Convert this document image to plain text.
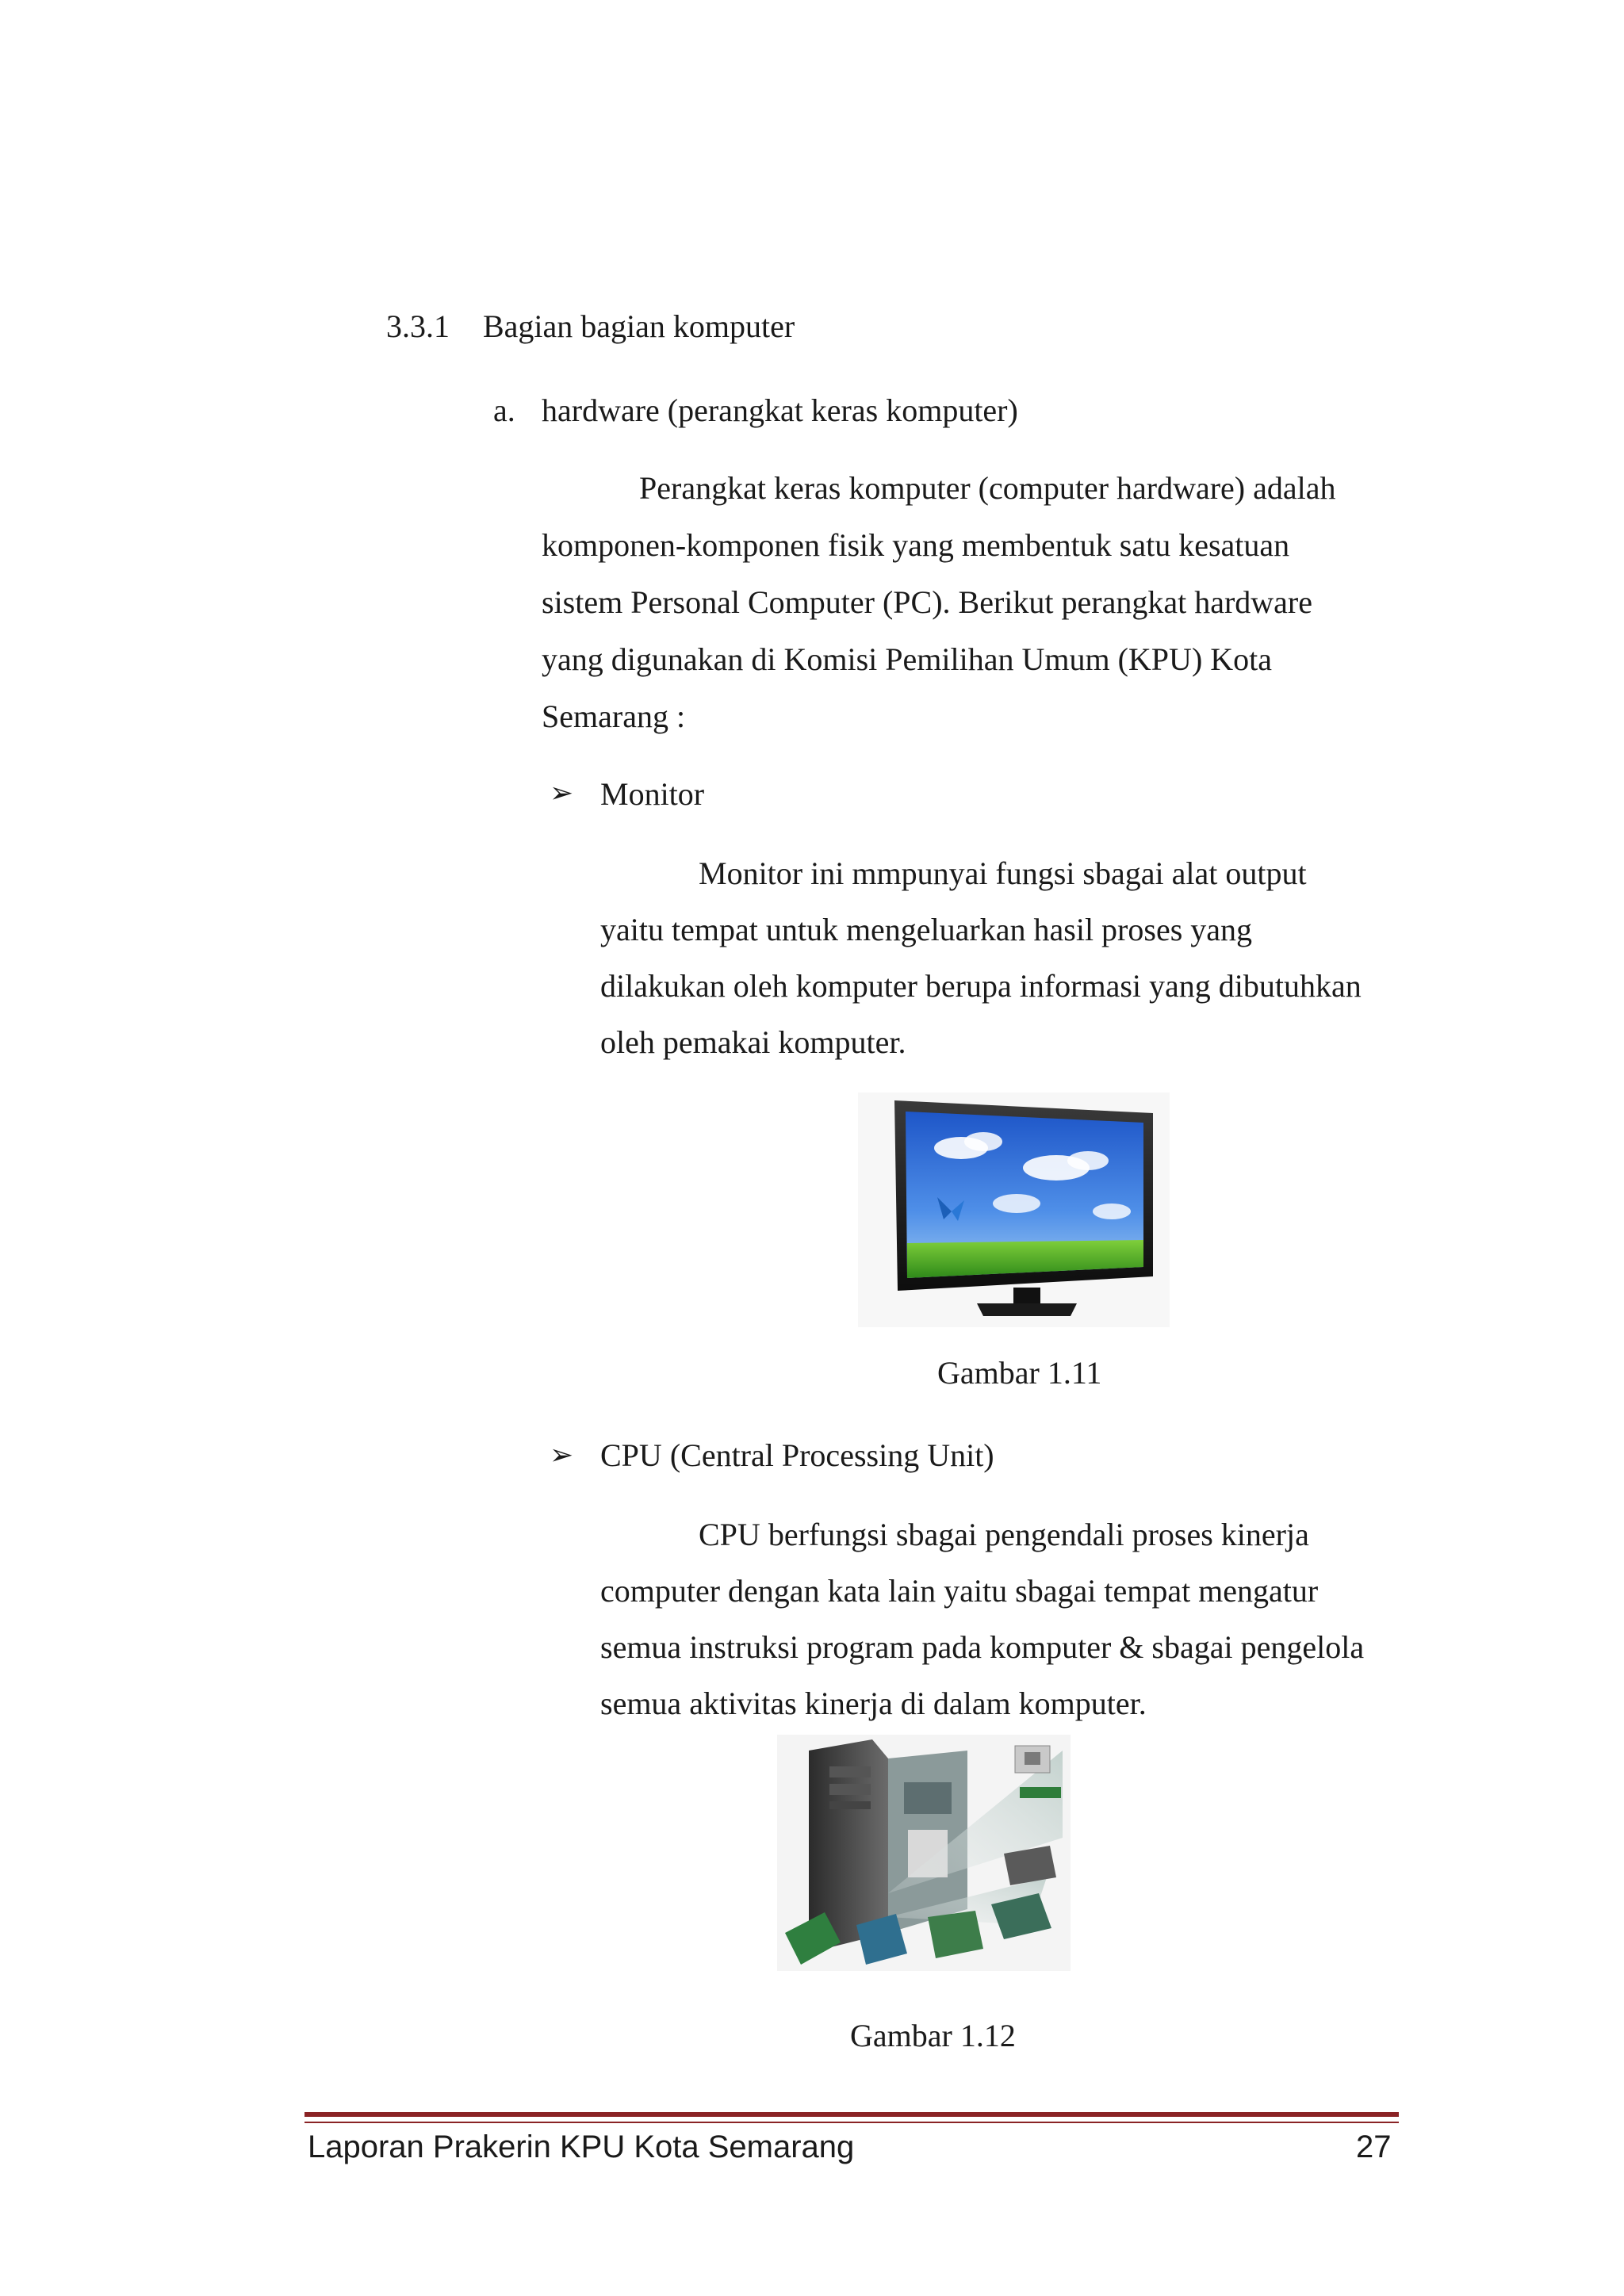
3.3.1 Bagian bagian komputer
a. hardware (perangkat keras komputer)

Perangkat keras komputer (computer hardware) adalah

komponen-komponen fisik yang membentuk satu kesatuan

sistem Personal Computer (PC). Berikut perangkat hardware

yang digunakan di Komisi Pemilihan Umum (KPU) Kota

Semarang :

➢ Monitor

Monitor ini mmpunyai fungsi sbagai alat output

yaitu tempat untuk mengeluarkan hasil proses yang

dilakukan oleh komputer berupa informasi yang dibutuhkan

oleh pemakai komputer.

Gambar 1.11
➢ CPU (Central Processing Unit)

CPU berfungsi sbagai pengendali proses kinerja

computer dengan kata lain yaitu sbagai tempat mengatur

semua instruksi program pada komputer & sbagai pengelola

semua aktivitas kinerja di dalam komputer.

Gambar 1.12
Laporan Prakerin KPU Kota Semarang	27
